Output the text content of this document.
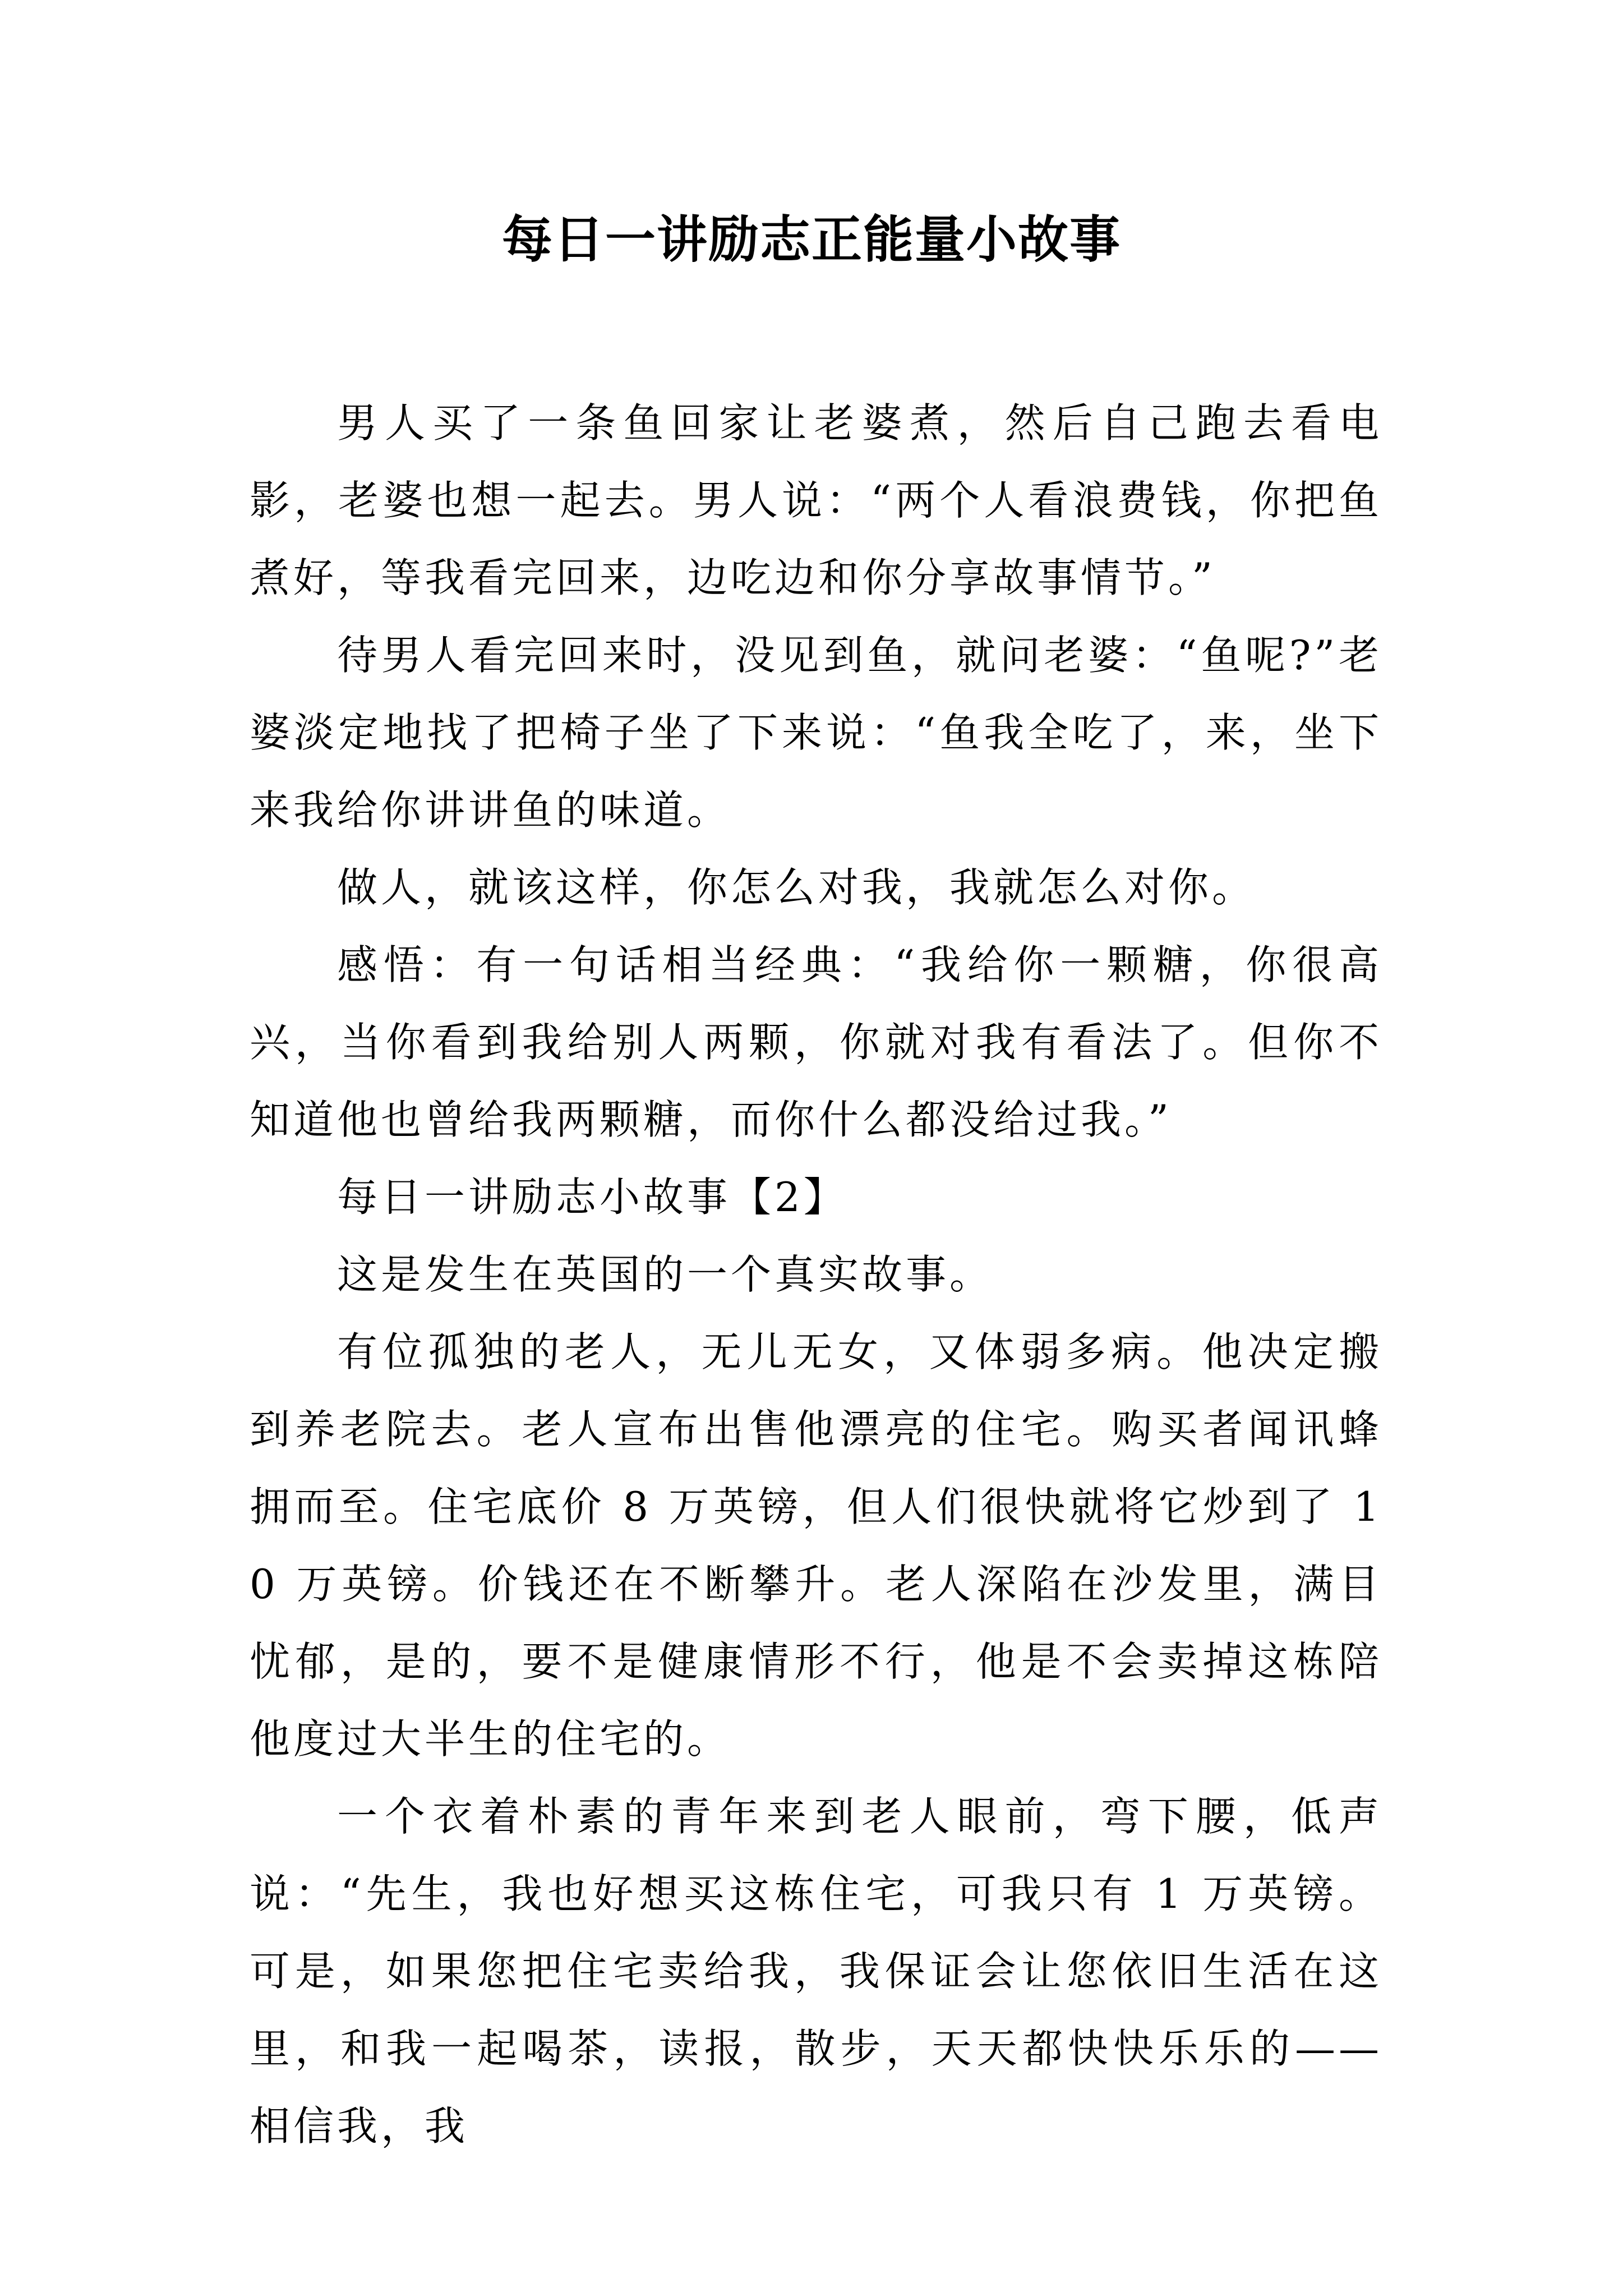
每日一讲励志正能量小故事

男人买了一条鱼回家让老婆煮，然后自己跑去看电影，老婆也想一起去。男人说：“两个人看浪费钱，你把鱼煮好，等我看完回来，边吃边和你分享故事情节。”

待男人看完回来时，没见到鱼，就问老婆：“鱼呢?”老婆淡定地找了把椅子坐了下来说：“鱼我全吃了，来，坐下来我给你讲讲鱼的味道。

做人，就该这样，你怎么对我，我就怎么对你。

感悟：有一句话相当经典：“我给你一颗糖，你很高兴，当你看到我给别人两颗，你就对我有看法了。但你不知道他也曾给我两颗糖，而你什么都没给过我。”

每日一讲励志小故事【2】

这是发生在英国的一个真实故事。

有位孤独的老人，无儿无女，又体弱多病。他决定搬到养老院去。老人宣布出售他漂亮的住宅。购买者闻讯蜂拥而至。住宅底价 8 万英镑，但人们很快就将它炒到了 10 万英镑。价钱还在不断攀升。老人深陷在沙发里，满目忧郁，是的，要不是健康情形不行，他是不会卖掉这栋陪他度过大半生的住宅的。

一个衣着朴素的青年来到老人眼前，弯下腰，低声说：“先生，我也好想买这栋住宅，可我只有 1 万英镑。可是，如果您把住宅卖给我，我保证会让您依旧生活在这里，和我一起喝茶，读报，散步，天天都快快乐乐的——相信我，我
